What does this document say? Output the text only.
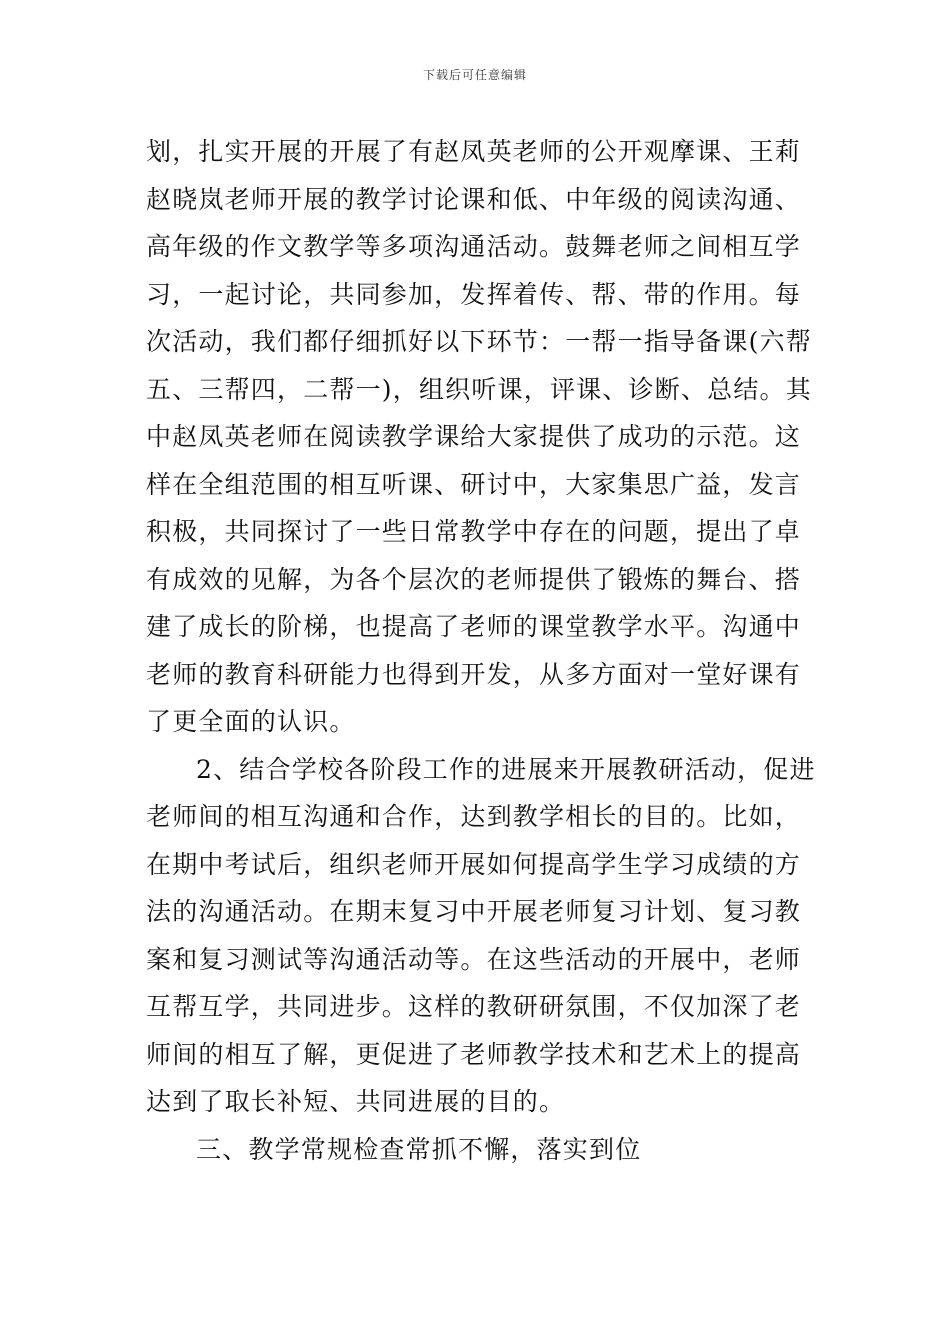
下载后可任意编辑
划，扎实开展的开展了有赵凤英老师的公开观摩课、王莉
赵晓岚老师开展的教学讨论课和低、中年级的阅读沟通、
高年级的作文教学等多项沟通活动。鼓舞老师之间相互学
习，一起讨论，共同参加，发挥着传、帮、带的作用。每
次活动，我们都仔细抓好以下环节：一帮一指导备课(六帮
五、三帮四，二帮一)，组织听课，评课、诊断、总结。其
中赵凤英老师在阅读教学课给大家提供了成功的示范。这
样在全组范围的相互听课、研讨中，大家集思广益，发言
积极，共同探讨了一些日常教学中存在的问题，提出了卓
有成效的见解，为各个层次的老师提供了锻炼的舞台、搭
建了成长的阶梯，也提高了老师的课堂教学水平。沟通中
老师的教育科研能力也得到开发，从多方面对一堂好课有
了更全面的认识。
2、结合学校各阶段工作的进展来开展教研活动，促进
老师间的相互沟通和合作，达到教学相长的目的。比如，
在期中考试后，组织老师开展如何提高学生学习成绩的方
法的沟通活动。在期末复习中开展老师复习计划、复习教
案和复习测试等沟通活动等。在这些活动的开展中，老师
互帮互学，共同进步。这样的教研研氛围，不仅加深了老
师间的相互了解，更促进了老师教学技术和艺术上的提高
达到了取长补短、共同进展的目的。
三、教学常规检查常抓不懈，落实到位
